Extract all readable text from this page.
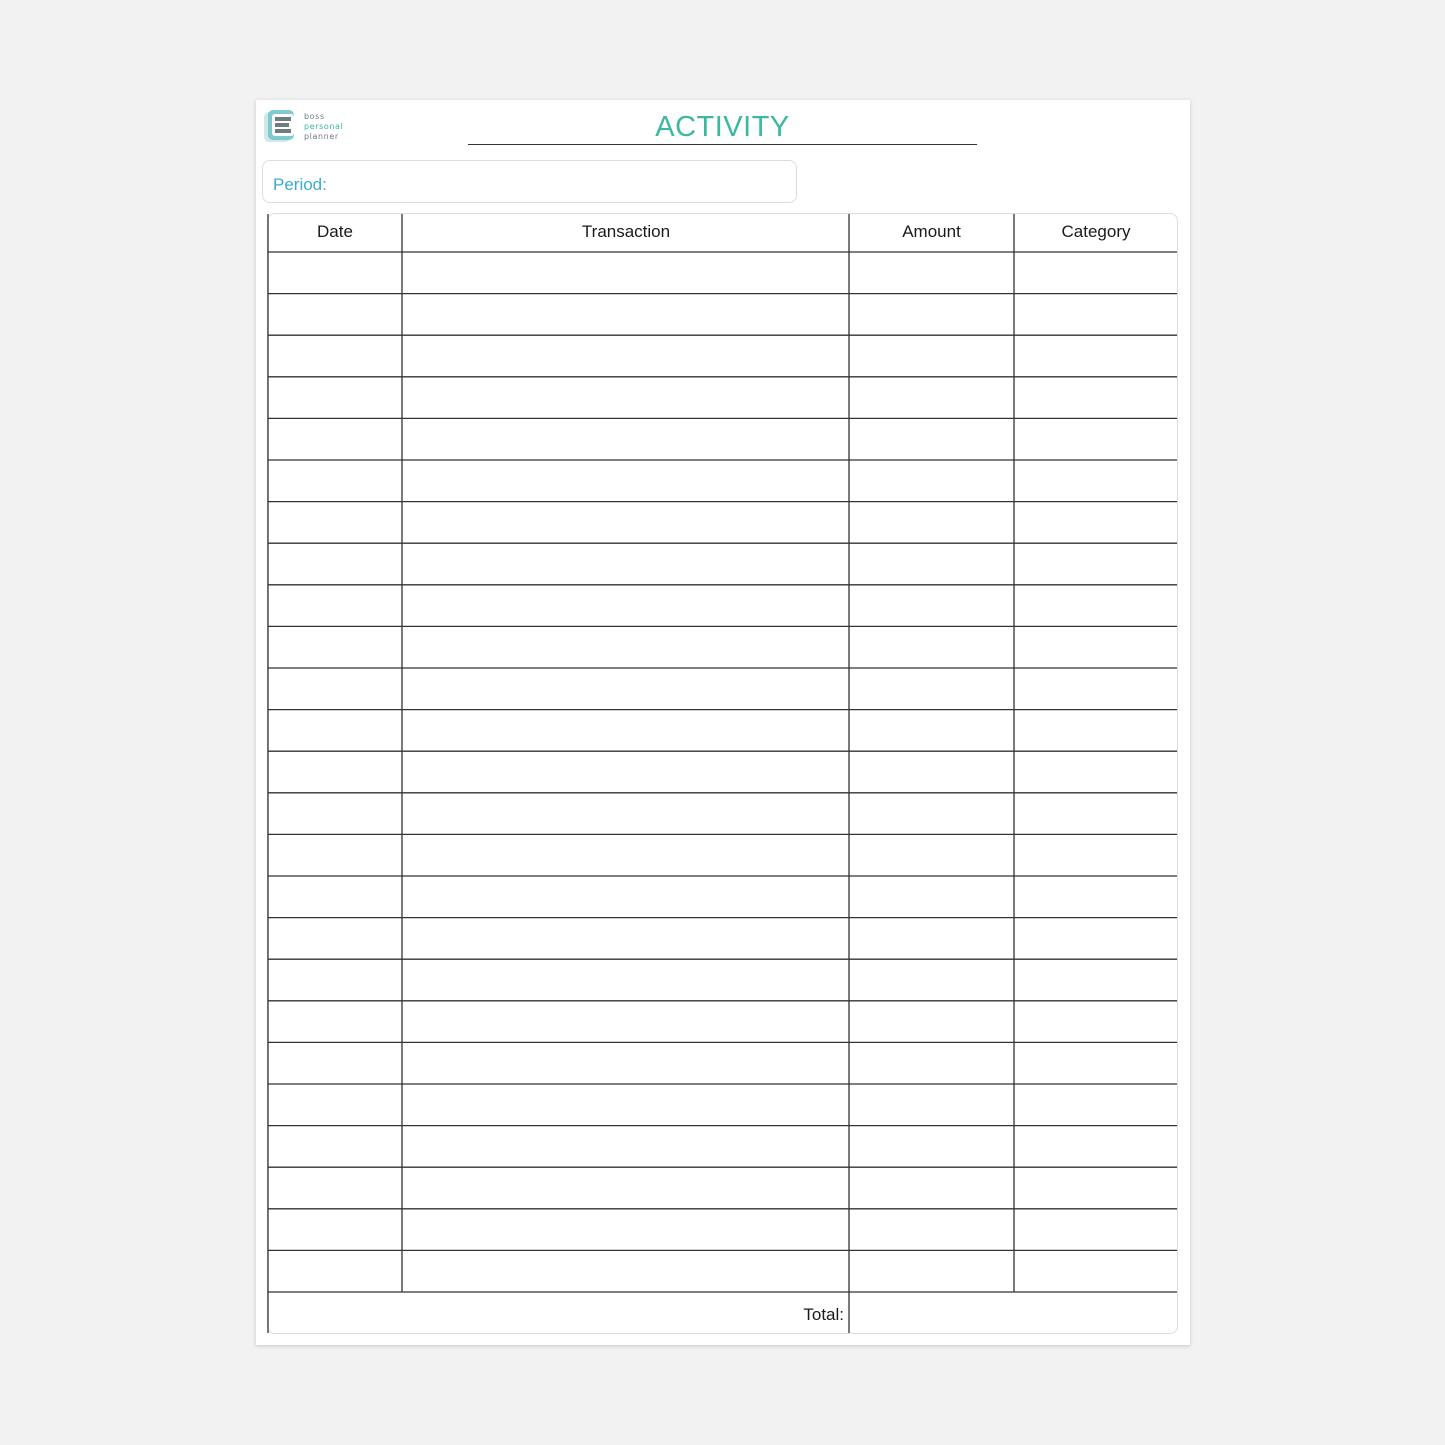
boss
personal
planner	ACTIVITY
Period:
Date	Transaction	Amount	Category
Total:
